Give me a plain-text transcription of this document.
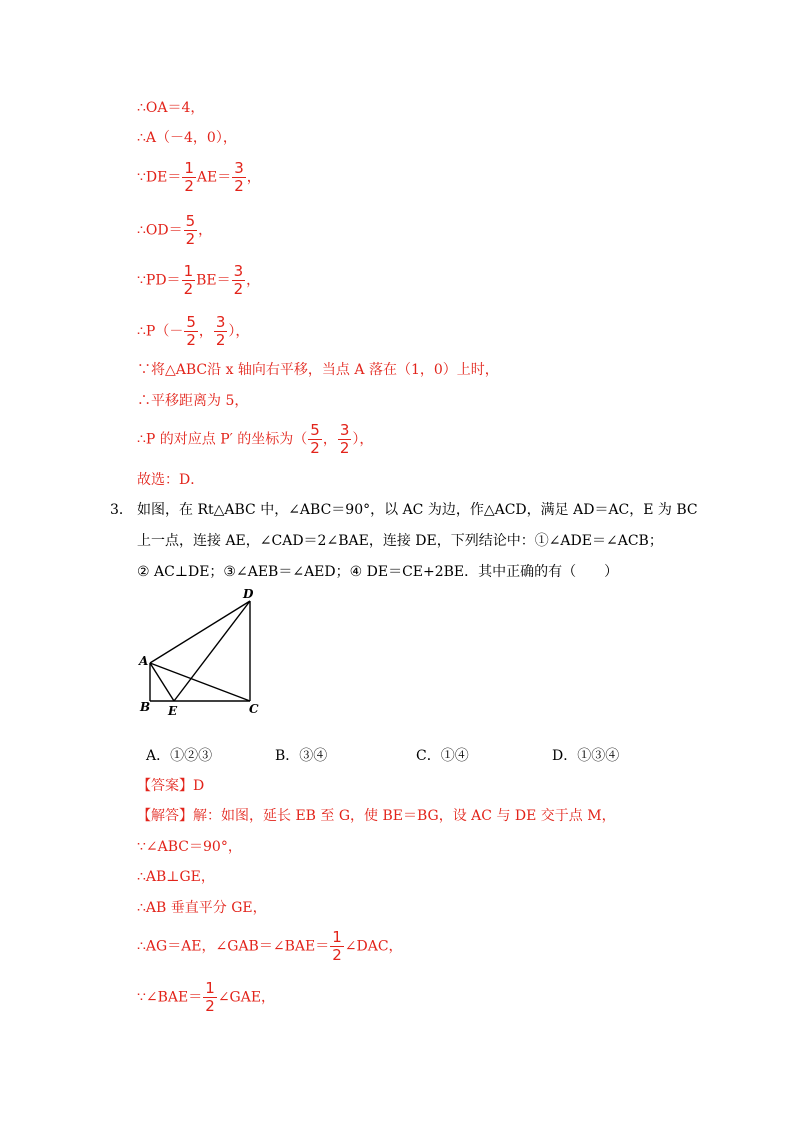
∴OA＝4，
∴A（－4，0），
∵DE＝ $\frac{1}{2} AE= \frac{3}{2}$ ，
∴OD＝ $\frac{5}{2}$ ，
∵PD＝ $\frac{1}{2} BE= \frac{3}{2}$ ，
∴P（－ $\frac{5}{2}$ ， $\frac{3}{2}$ ），
∵将△ABC沿 x 轴向右平移，当点 A 落在（1，0）上时，
∴平移距离为 5，
∴P 的对应点 P′ 的坐标为（ $\frac{5}{2}$ ， $\frac{3}{2}$ ），
故选：D．
3． 如图，在 Rt△ABC 中，∠ABC＝90°，以 AC 为边，作△ACD，满足 AD＝AC，E 为 BC
上一点，连接 AE，∠CAD＝2∠BAE，连接 DE，下列结论中：①∠ADE＝∠ACB；
② AC⊥DE；③∠AEB＝∠AED；④ DE＝CE+2BE．其中正确的有（　　）
D
A
B E	C
A．①②③	B．③④	C．①④	D．①③④
【答案】D
【解答】解：如图，延长 EB 至 G，使 BE＝BG，设 AC 与 DE 交于点 M，
∵∠ABC＝90°，
∴AB⊥GE，
∴AB 垂直平分 GE，
∴AG＝AE，∠GAB＝∠BAE＝ $\frac{1}{2}$ ∠DAC，
∵∠BAE＝ $\frac{1}{2}$ ∠GAE，
